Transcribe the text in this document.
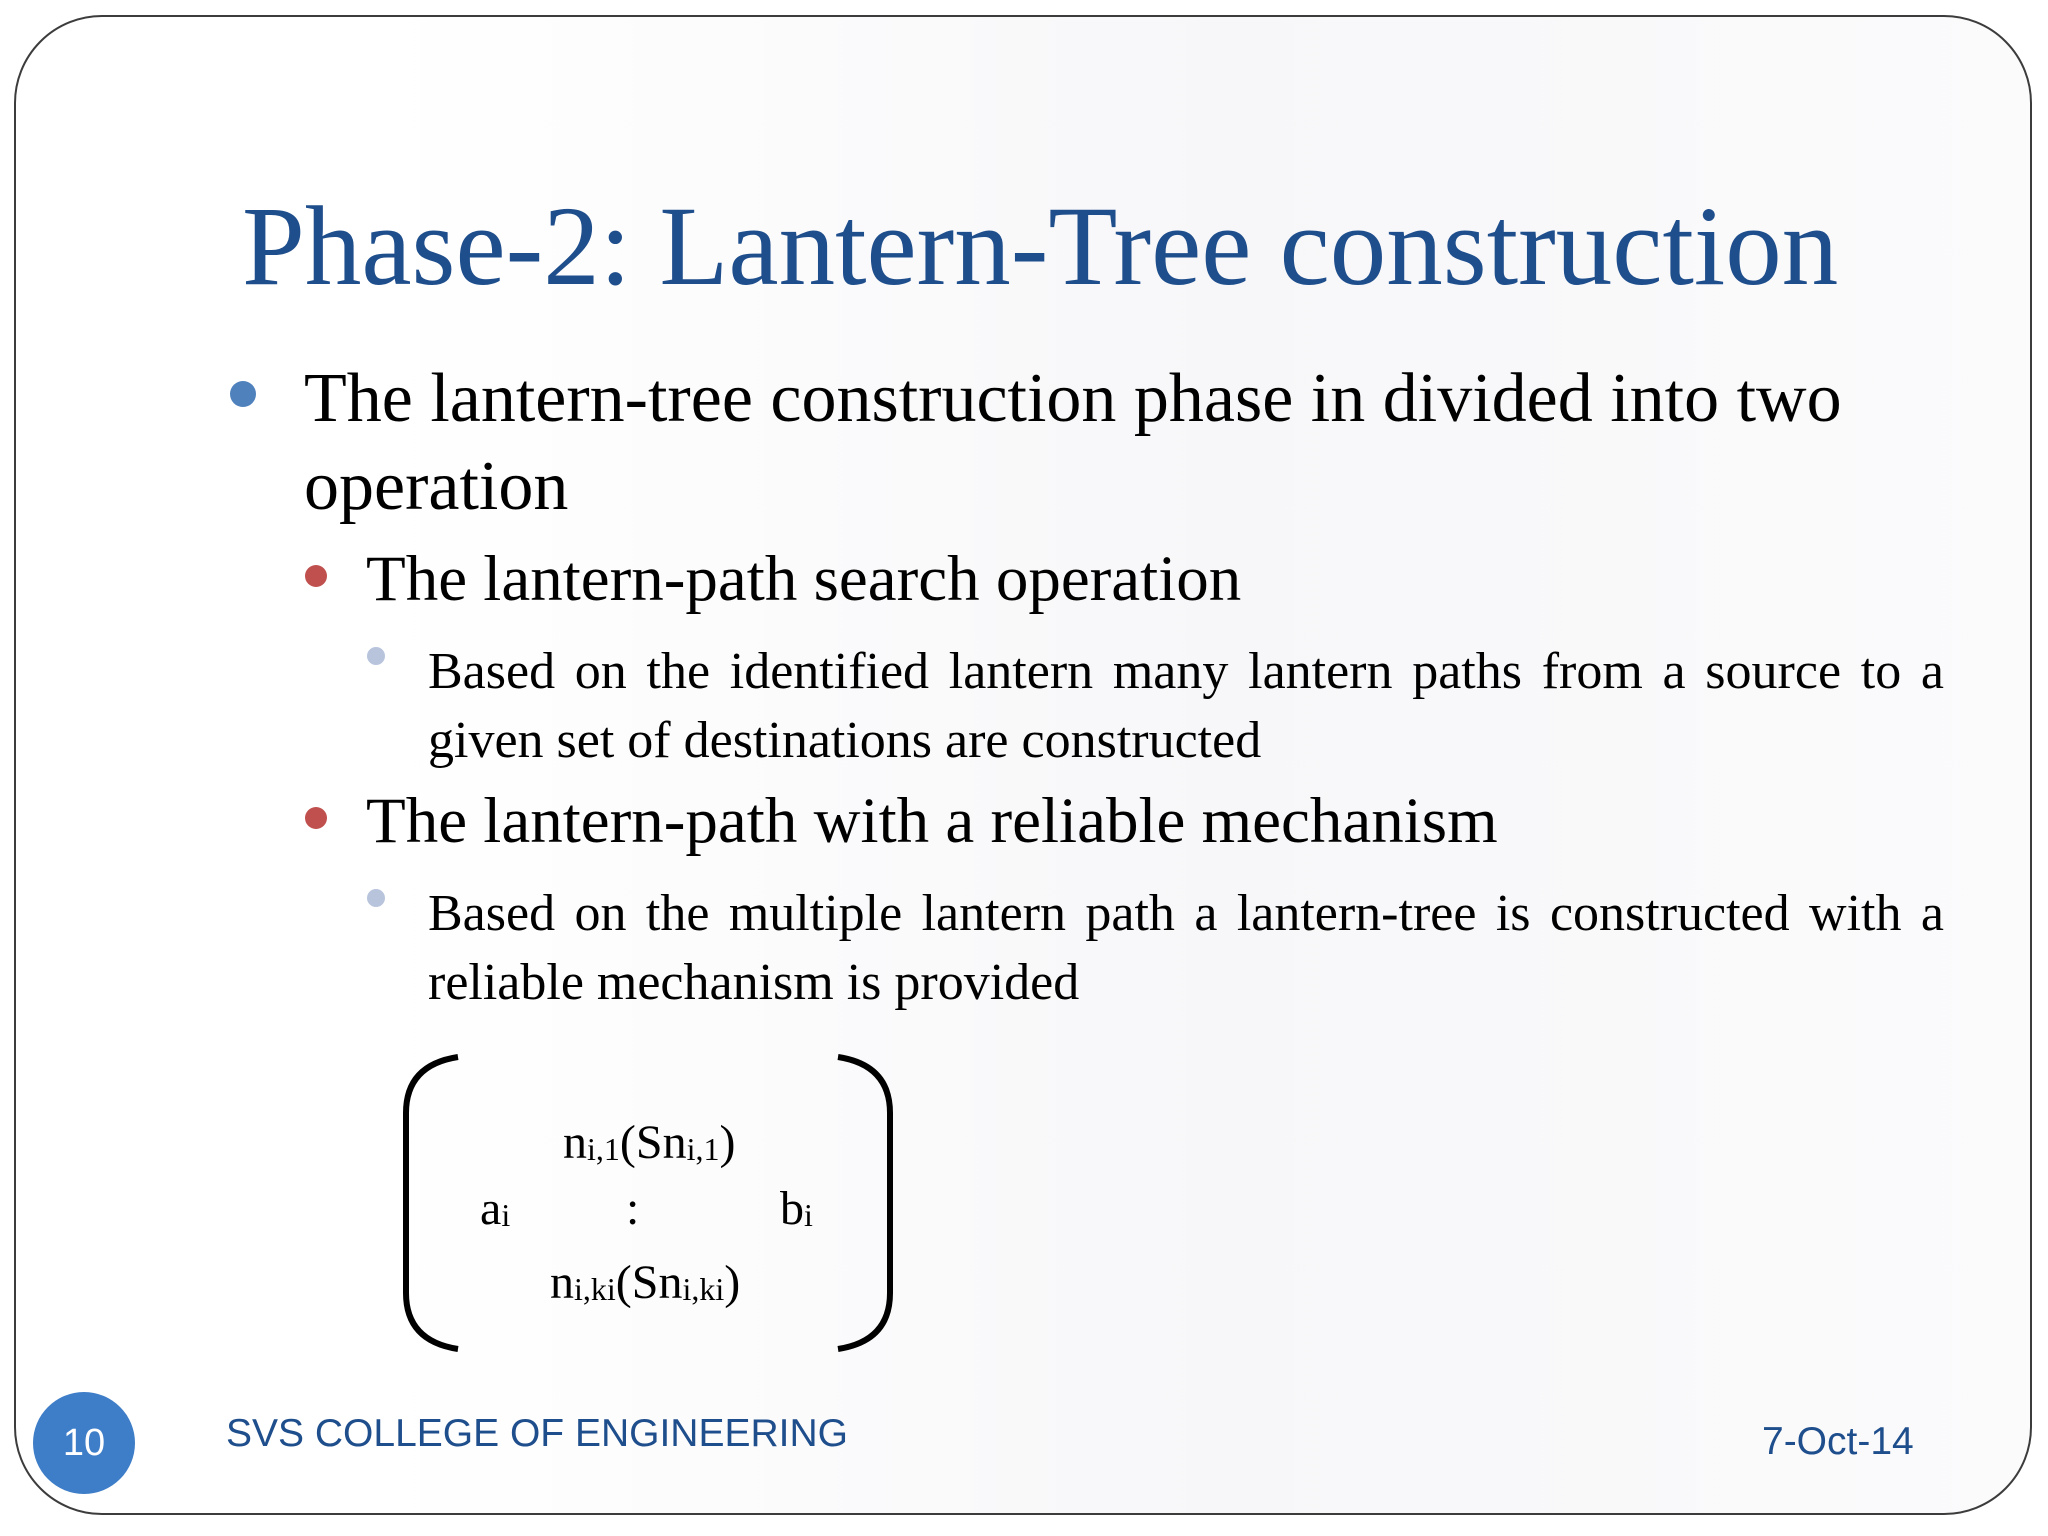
Phase-2: Lantern-Tree construction
The lantern-tree construction phase in divided into two operation
The lantern-path search operation
Based on the identified lantern many lantern paths from a source to a given set of destinations are constructed
The lantern-path with a reliable mechanism
Based on the multiple lantern path a lantern-tree is constructed with a reliable mechanism is provided
$n_{i,1}(Sn_{i,1})$
$a_i$ :	$b_i$
$n_{i,ki}(Sn_{i,ki})$
10	SVS COLLEGE OF ENGINEERING	7-Oct-14
